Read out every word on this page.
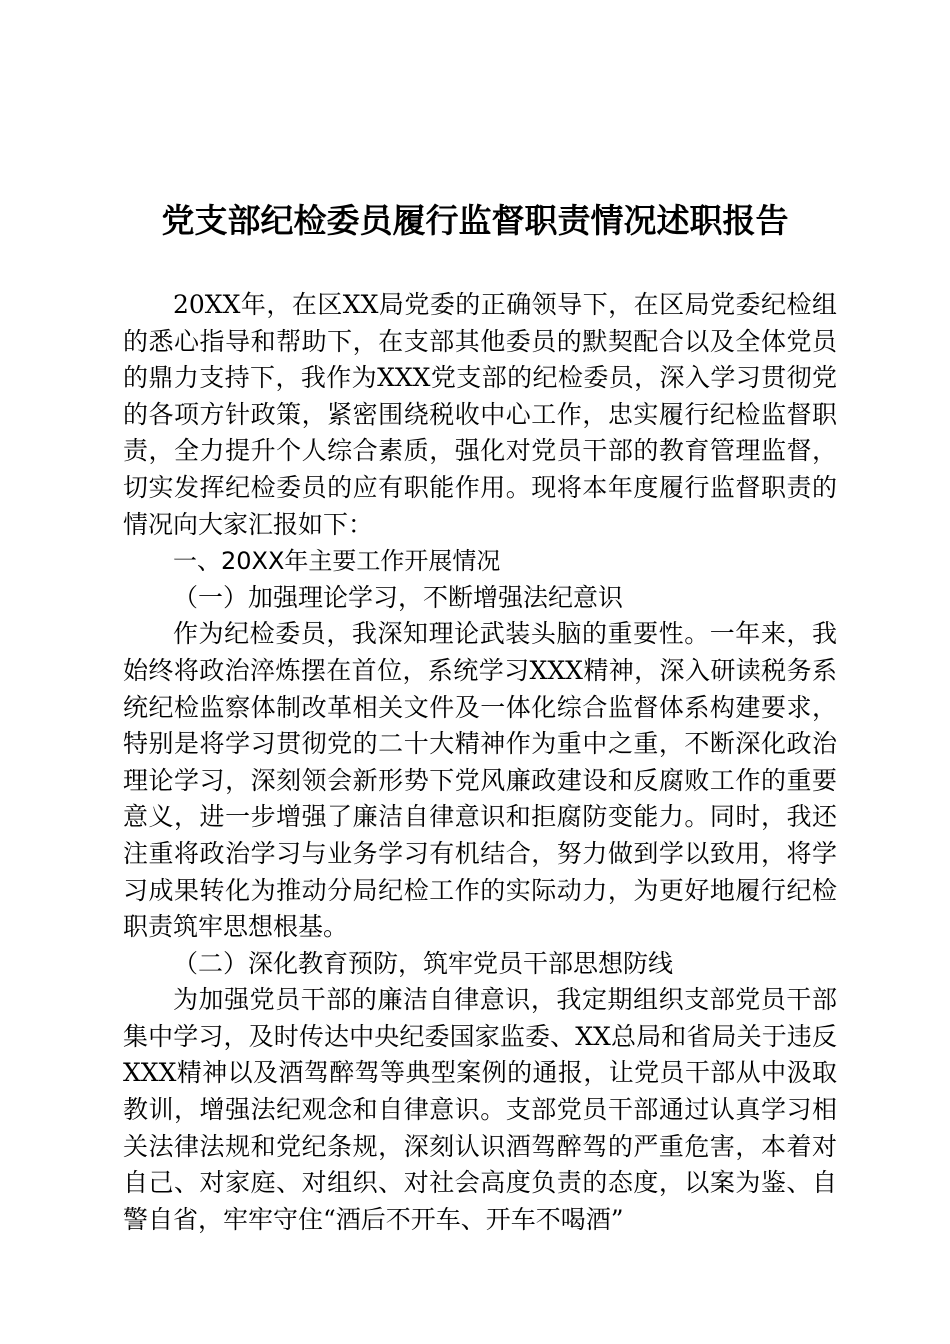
党支部纪检委员履行监督职责情况述职报告

20XX年，在区XX局党委的正确领导下，在区局党委纪检组的悉心指导和帮助下，在支部其他委员的默契配合以及全体党员的鼎力支持下，我作为XXX党支部的纪检委员，深入学习贯彻党的各项方针政策，紧密围绕税收中心工作，忠实履行纪检监督职责，全力提升个人综合素质，强化对党员干部的教育管理监督，切实发挥纪检委员的应有职能作用。现将本年度履行监督职责的情况向大家汇报如下：

一、20XX年主要工作开展情况

（一）加强理论学习，不断增强法纪意识

作为纪检委员，我深知理论武装头脑的重要性。一年来，我始终将政治淬炼摆在首位，系统学习XXX精神，深入研读税务系统纪检监察体制改革相关文件及一体化综合监督体系构建要求，特别是将学习贯彻党的二十大精神作为重中之重，不断深化政治理论学习，深刻领会新形势下党风廉政建设和反腐败工作的重要意义，进一步增强了廉洁自律意识和拒腐防变能力。同时，我还注重将政治学习与业务学习有机结合，努力做到学以致用，将学习成果转化为推动分局纪检工作的实际动力，为更好地履行纪检职责筑牢思想根基。

（二）深化教育预防，筑牢党员干部思想防线

为加强党员干部的廉洁自律意识，我定期组织支部党员干部集中学习，及时传达中央纪委国家监委、XX总局和省局关于违反XXX精神以及酒驾醉驾等典型案例的通报，让党员干部从中汲取教训，增强法纪观念和自律意识。支部党员干部通过认真学习相关法律法规和党纪条规，深刻认识酒驾醉驾的严重危害，本着对自己、对家庭、对组织、对社会高度负责的态度，以案为鉴、自警自省，牢牢守住“酒后不开车、开车不喝酒”
